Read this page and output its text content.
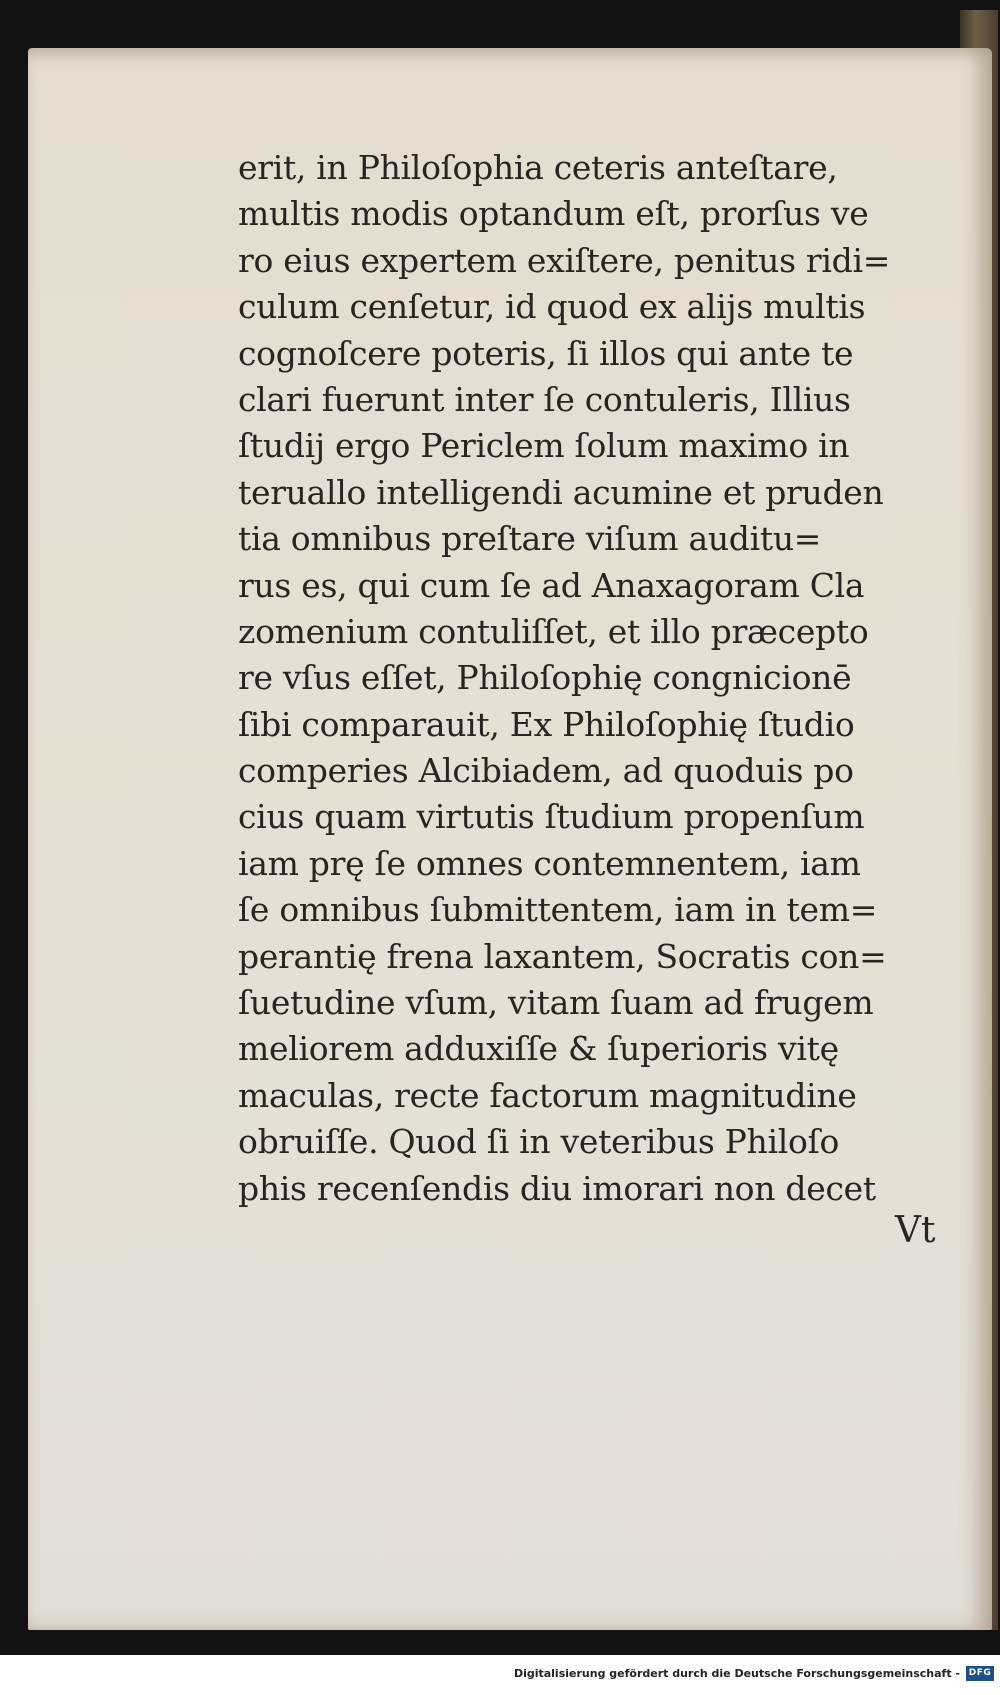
erit, in Philoſophia ceteris anteſtare,
multis modis optandum eſt, prorſus ve
ro eius expertem exiſtere, penitus ridi=
culum cenſetur, id quod ex alijs multis
cognoſcere poteris, ſi illos qui ante te
clari fuerunt inter ſe contuleris, Illius
ſtudij ergo Periclem ſolum maximo in
teruallo intelligendi acumine et pruden
tia omnibus preſtare viſum auditu=
rus es, qui cum ſe ad Anaxagoram Cla
zomenium contuliſſet, et illo præcepto
re vſus eſſet, Philoſophię congnicionē
ſibi comparauit, Ex Philoſophię ſtudio
comperies Alcibiadem, ad quoduis po
cius quam virtutis ſtudium propenſum
iam prę ſe omnes contemnentem, iam
ſe omnibus ſubmittentem, iam in tem=
perantię frena laxantem, Socratis con=
ſuetudine vſum, vitam ſuam ad frugem
meliorem adduxiſſe & ſuperioris vitę
maculas, recte factorum magnitudine
obruiſſe. Quod ſi in veteribus Philoſo
phis recenſendis diu imorari non decet
Vt
Digitalisierung gefördert durch die Deutsche Forschungsgemeinschaft - DFG
